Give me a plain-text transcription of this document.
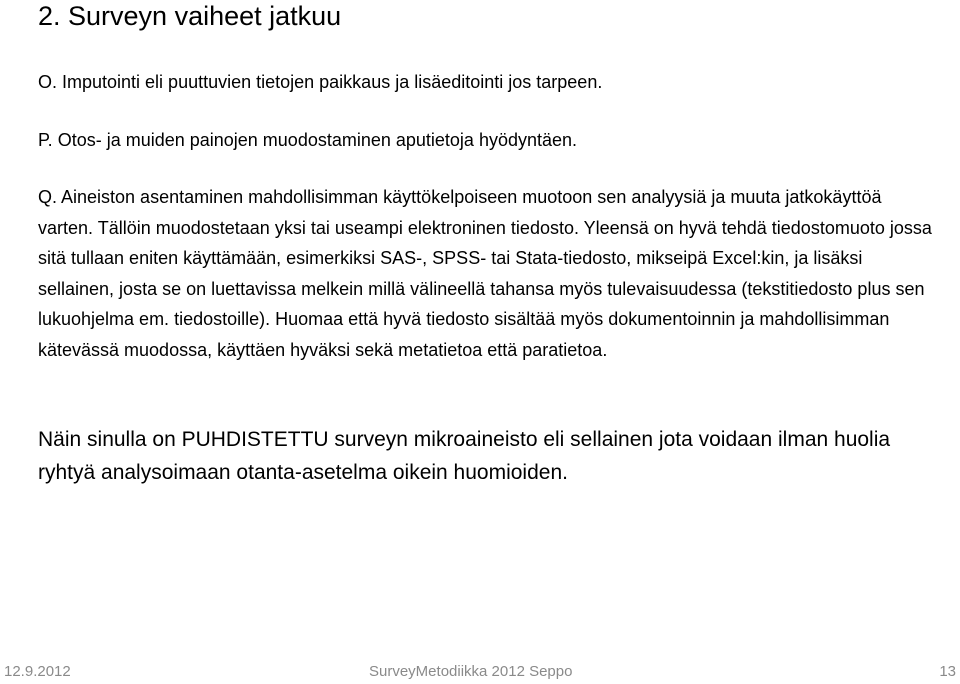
2. Surveyn vaiheet jatkuu

O. Imputointi eli puuttuvien tietojen paikkaus ja lisäeditointi jos tarpeen.

P. Otos- ja muiden painojen muodostaminen aputietoja hyödyntäen.

Q. Aineiston asentaminen mahdollisimman käyttökelpoiseen muotoon sen analyysiä ja muuta jatkokäyttöä varten. Tällöin muodostetaan yksi tai useampi elektroninen tiedosto. Yleensä on hyvä tehdä tiedostomuoto jossa sitä tullaan eniten käyttämään, esimerkiksi SAS-, SPSS- tai Stata-tiedosto, mikseipä Excel:kin, ja lisäksi sellainen, josta se on luettavissa melkein millä välineellä tahansa myös tulevaisuudessa (tekstitiedosto plus sen lukuohjelma em. tiedostoille). Huomaa että hyvä tiedosto sisältää myös dokumentoinnin ja mahdollisimman kätevässä muodossa, käyttäen hyväksi sekä metatietoa että paratietoa.

Näin sinulla on PUHDISTETTU surveyn mikroaineisto eli sellainen jota voidaan ilman huolia ryhtyä analysoimaan otanta-asetelma oikein huomioiden.

12.9.2012	SurveyMetodiikka 2012 Seppo	13
